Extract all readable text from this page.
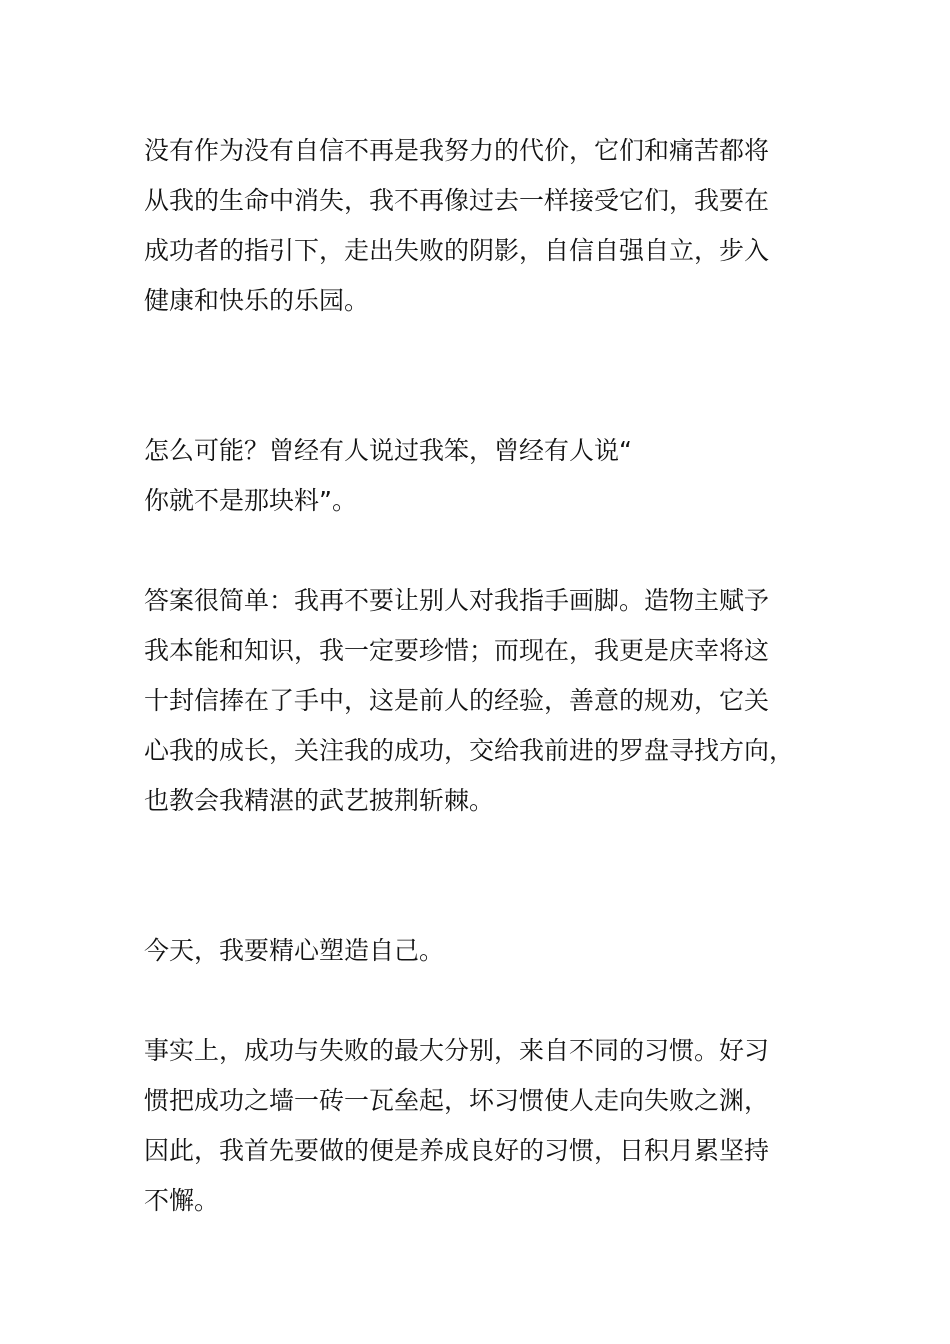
没有作为没有自信不再是我努力的代价，它们和痛苦都将
从我的生命中消失，我不再像过去一样接受它们，我要在
成功者的指引下，走出失败的阴影，自信自强自立，步入
健康和快乐的乐园。
怎么可能？曾经有人说过我笨，曾经有人说“
你就不是那块料”。
答案很简单：我再不要让别人对我指手画脚。造物主赋予
我本能和知识，我一定要珍惜；而现在，我更是庆幸将这
十封信捧在了手中，这是前人的经验，善意的规劝，它关
心我的成长，关注我的成功，交给我前进的罗盘寻找方向，
也教会我精湛的武艺披荆斩棘。
今天，我要精心塑造自己。
事实上，成功与失败的最大分别，来自不同的习惯。好习
惯把成功之墙一砖一瓦垒起，坏习惯使人走向失败之渊，
因此，我首先要做的便是养成良好的习惯，日积月累坚持
不懈。
